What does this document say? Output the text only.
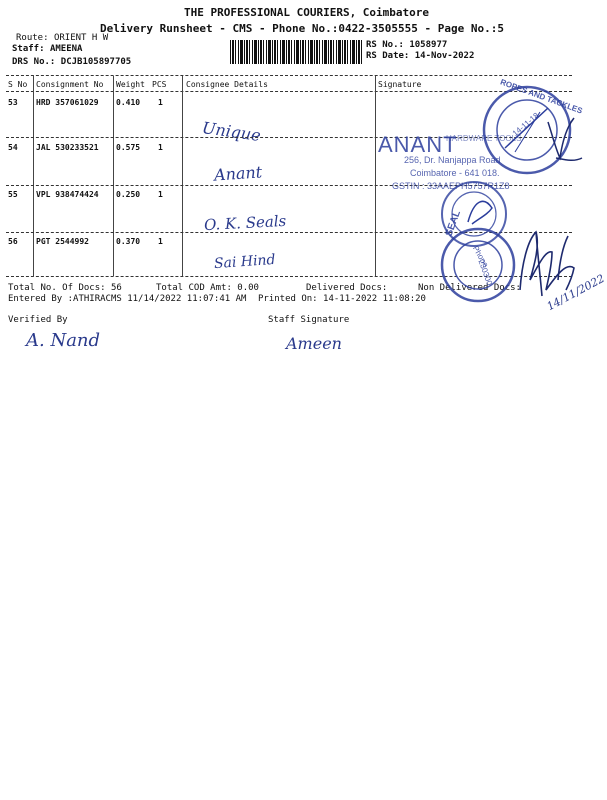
THE PROFESSIONAL COURIERS, Coimbatore
Delivery Runsheet - CMS - Phone No.:0422-3505555 - Page No.:5
Route: ORIENT H W
Staff: AMEENA
DRS No.: DCJB105897705
RS No.: 1058977
RS Date: 14-Nov-2022
S No Consignment No Weight PCS Consignee Details	Signature
53 HRD 357061029 0.410 1
Unique
54 JAL 530233521 0.575 1
Anant
55 VPL 938474424 0.250 1
O. K. Seals
56 PGT 2544992	0.370 1
Sai Hind
Total No. Of Docs: 56	Total COD Amt: 0.00	Delivered Docs:	Non Delivered Docs:
Entered By :ATHIRACMS 11/14/2022 11:07:41 AM Printed On: 14-11-2022 11:08:20
Verified By	Staff Signature
A. Nand	Ameen
ANANT
HARDWARE TOOLS
256, Dr. Nanjappa Road
Coimbatore - 641 018.
GSTIN : 33AAEPH5757R1Z8
ROPES AND TACKLES
14-11-18
SEAL
Phone
230300	14/11/2022
